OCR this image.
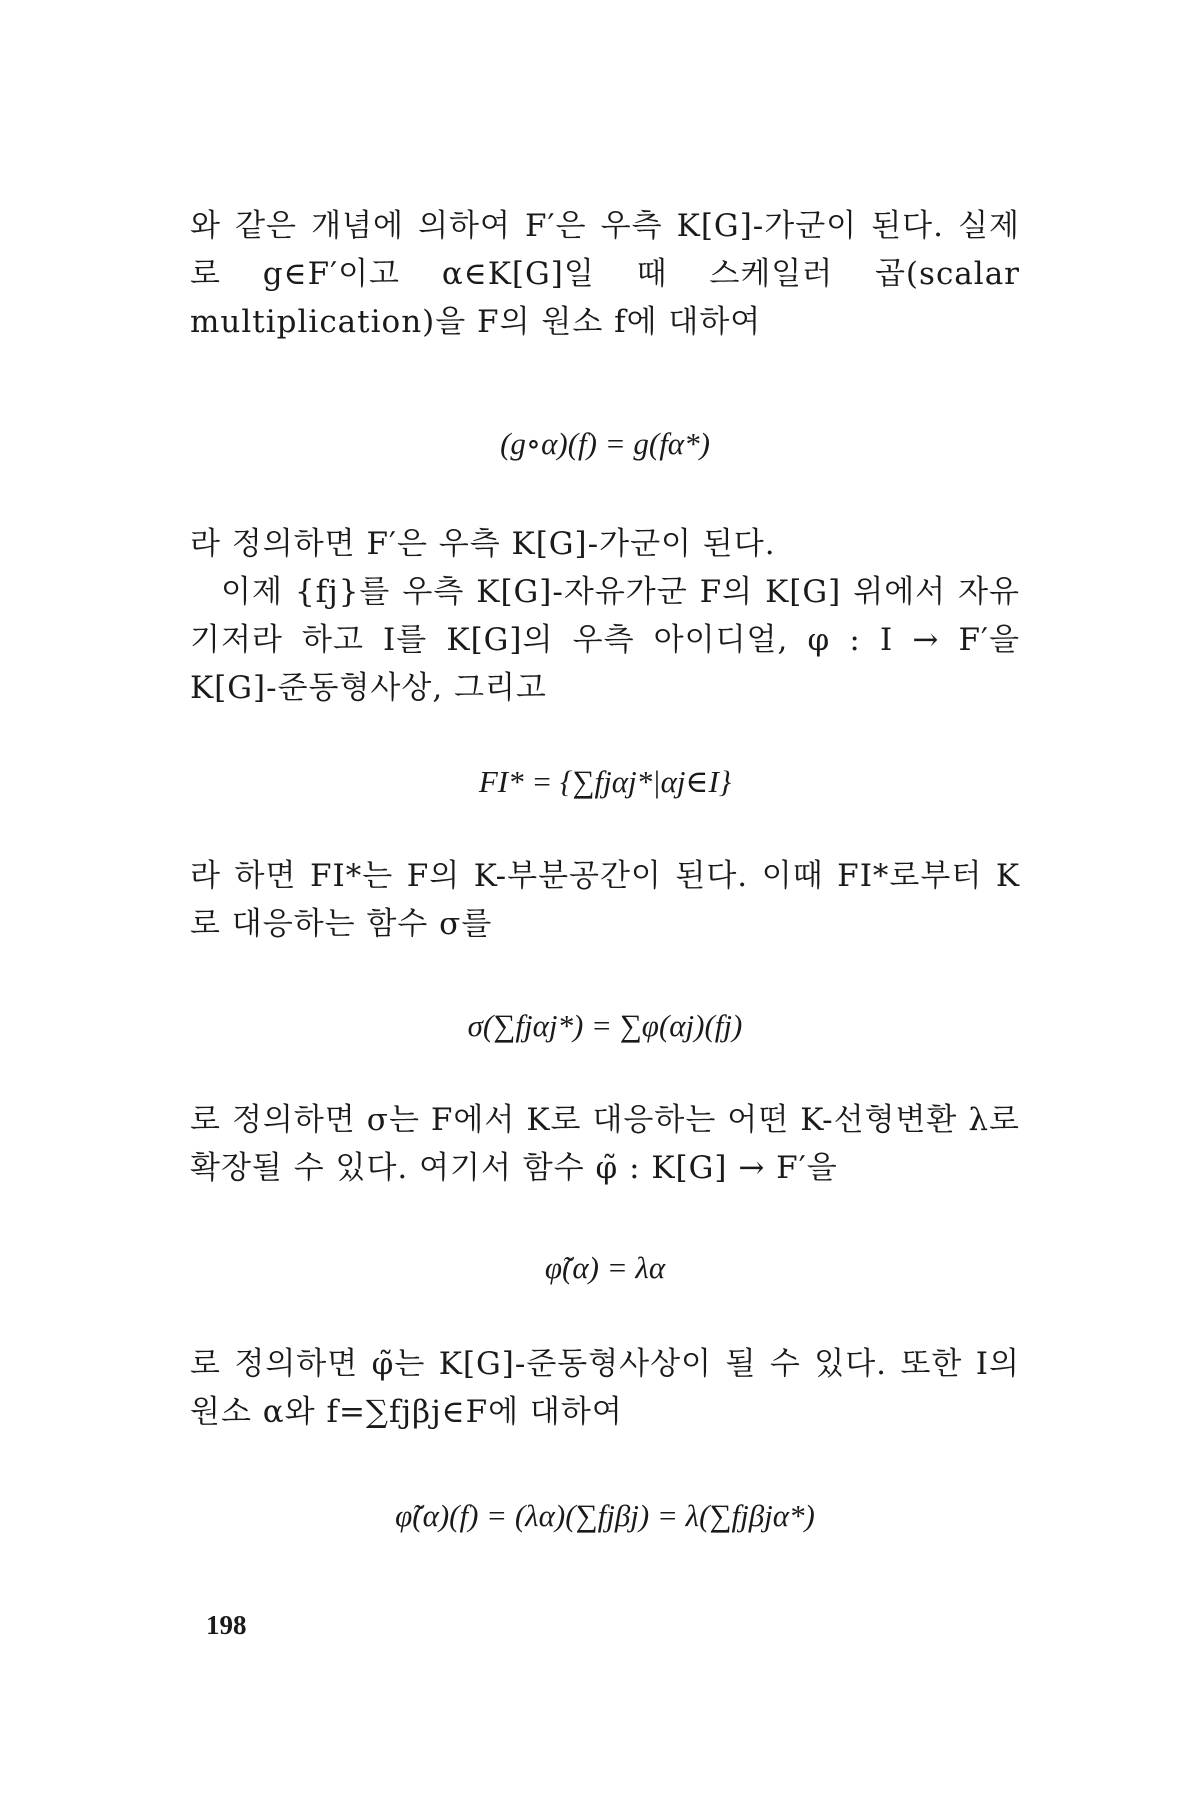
와 같은 개념에 의하여 F′은 우측 K[G]-가군이 된다. 실제로 g∈F′이고 α∈K[G]일 때 스케일러 곱(scalar multiplication)을 F의 원소 f에 대하여
(g∘α)(f) = g(fα*)
라 정의하면 F′은 우측 K[G]-가군이 된다.
이제 {fj}를 우측 K[G]-자유가군 F의 K[G] 위에서 자유 기저라 하고 I를 K[G]의 우측 아이디얼, φ : I → F′을 K[G]-준동형사상, 그리고
FI* = {∑fjαj*|αj∈I}
라 하면 FI*는 F의 K-부분공간이 된다. 이때 FI*로부터 K로 대응하는 함수 σ를
σ(∑fjαj*) = ∑φ(αj)(fj)
로 정의하면 σ는 F에서 K로 대응하는 어떤 K-선형변환 λ로 확장될 수 있다. 여기서 함수 φ̃ : K[G] → F′을
φ̃(α) = λα
로 정의하면 φ̃는 K[G]-준동형사상이 될 수 있다. 또한 I의 원소 α와 f=∑fjβj∈F에 대하여
φ̃(α)(f) = (λα)(∑fjβj) = λ(∑fjβjα*)
198
